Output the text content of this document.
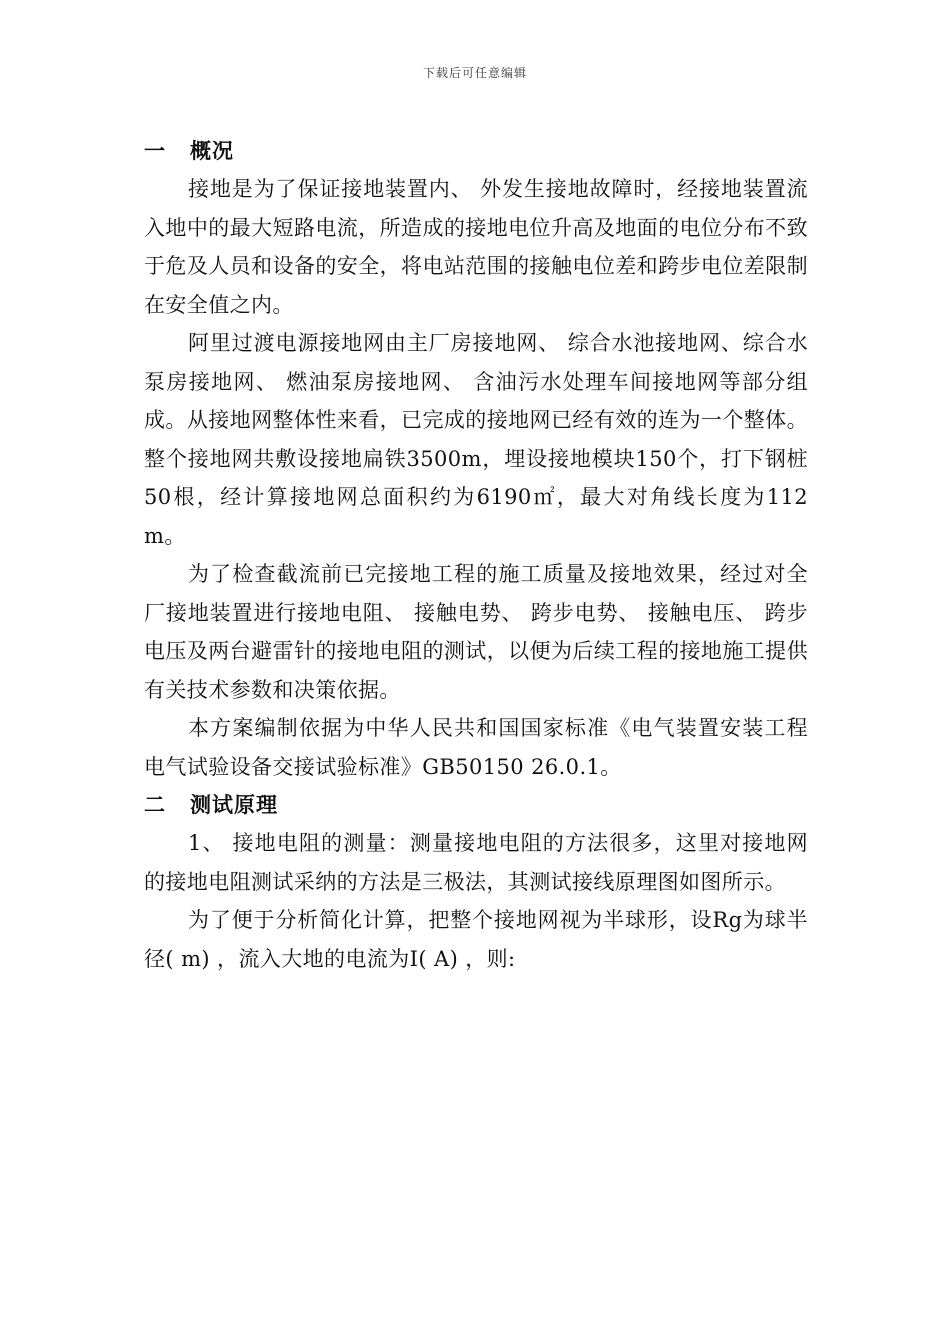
下载后可任意编辑
一 概况

接地是为了保证接地装置内、 外发生接地故障时，经接地装置流入地中的最大短路电流，所造成的接地电位升高及地面的电位分布不致于危及人员和设备的安全，将电站范围的接触电位差和跨步电位差限制在安全值之内。

阿里过渡电源接地网由主厂房接地网、 综合水池接地网、综合水泵房接地网、 燃油泵房接地网、 含油污水处理车间接地网等部分组成。从接地网整体性来看，已完成的接地网已经有效的连为一个整体。整个接地网共敷设接地扁铁3500m，埋设接地模块150个，打下钢桩50根，经计算接地网总面积约为6190㎡，最大对角线长度为112 m。

为了检查截流前已完接地工程的施工质量及接地效果，经过对全厂接地装置进行接地电阻、 接触电势、 跨步电势、 接触电压、 跨步电压及两台避雷针的接地电阻的测试，以便为后续工程的接地施工提供有关技术参数和决策依据。

本方案编制依据为中华人民共和国国家标准《电气装置安装工程 电气试验设备交接试验标准》GB50150 26.0.1。

二 测试原理

1、 接地电阻的测量：测量接地电阻的方法很多，这里对接地网的接地电阻测试采纳的方法是三极法，其测试接线原理图如图所示。

为了便于分析简化计算，把整个接地网视为半球形，设Rg为球半径( m) ，流入大地的电流为I( A) ，则:
